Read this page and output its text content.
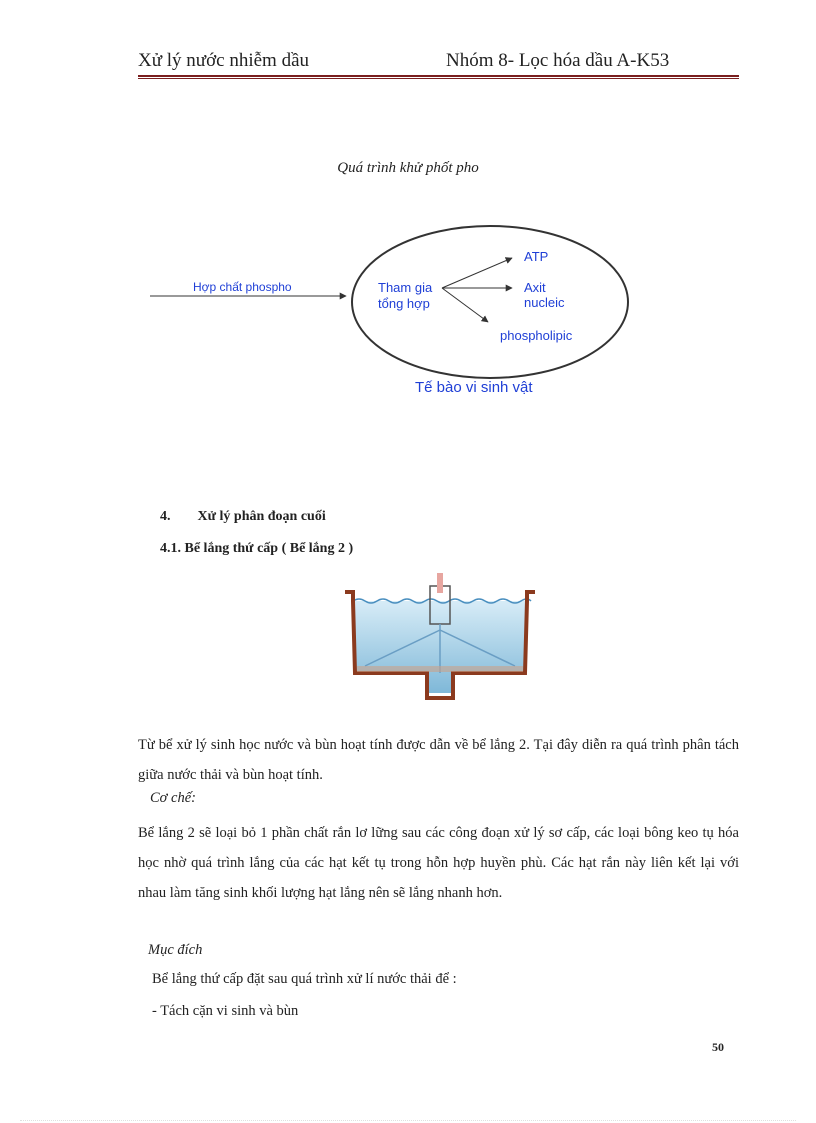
Xử lý nước nhiễm dầu	Nhóm 8- Lọc hóa dầu A-K53
Quá trình khử phốt pho
Hợp chất phospho	Tham gia
tổng hợp
ATP
Axit
nucleic
phospholipic
Tế bào vi sinh vật
4. Xử lý phân đoạn cuối
4.1. Bể lắng thứ cấp ( Bể lắng 2 )
Từ bể xử lý sinh học nước và bùn hoạt tính được dẫn về bể lắng 2. Tại đây diễn ra quá trình phân tách giữa nước thải và bùn hoạt tính.
Cơ chế:
Bể lắng 2 sẽ loại bỏ 1 phần chất rắn lơ lững sau các công đoạn xử lý sơ cấp, các loại bông keo tụ hóa học nhờ quá trình lắng của các hạt kết tụ trong hỗn hợp huyền phù. Các hạt rắn này liên kết lại với nhau làm tăng sinh khối lượng hạt lắng nên sẽ lắng nhanh hơn.
Mục đích
Bể lắng thứ cấp đặt sau quá trình xử lí nước thải để :
- Tách cặn vi sinh và bùn
50
